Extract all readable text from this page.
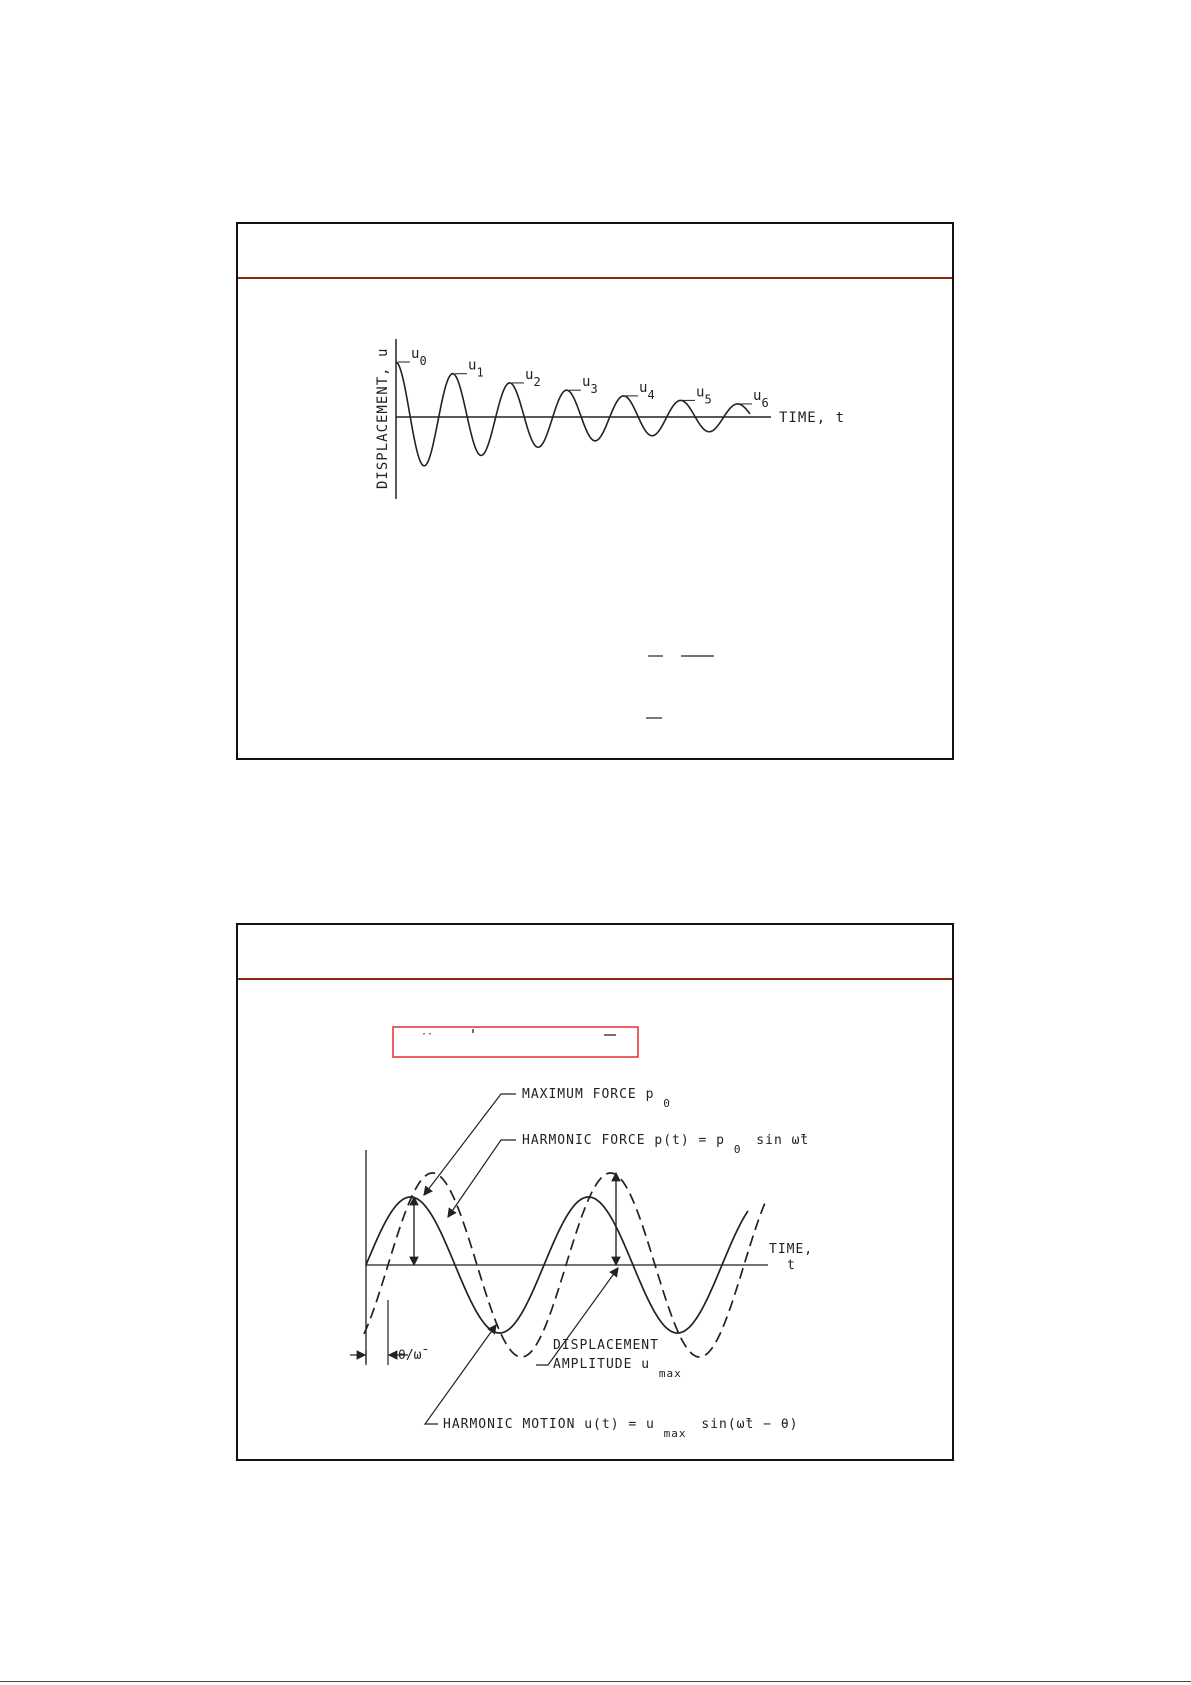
DISPLACEMENT, u	TIME, t
u0	u1	u2	u3	u4	u5	u6
··
θ/ω̄
MAXIMUM FORCE p $_0$
HARMONIC FORCE p(t) = p $_0$ sin ω̄t
TIME,
t
DISPLACEMENT
AMPLITUDE u $_{max}$
HARMONIC MOTION u(t) = u $_{max}$ sin(ω̄t − θ)
